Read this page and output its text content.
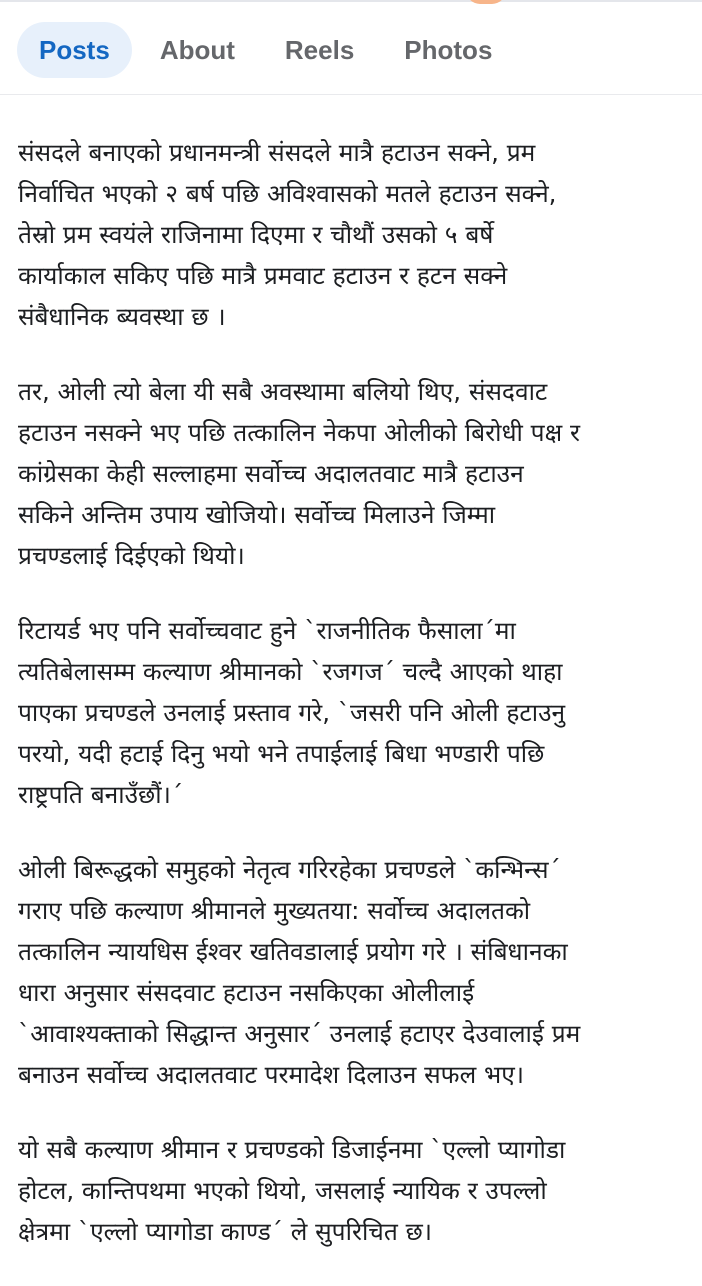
Posts	About	Reels	Photos

संसदले बनाएको प्रधानमन्त्री संसदले मात्रै हटाउन सक्ने, प्रम
निर्वाचित भएको २ बर्ष पछि अविश्वासको मतले हटाउन सक्ने,
तेस्रो प्रम स्वयंले राजिनामा दिएमा र चौथौं उसको ५ बर्षे
कार्याकाल सकिए पछि मात्रै प्रमवाट हटाउन र हटन सक्ने
संबैधानिक ब्यवस्था छ ।

तर, ओली त्यो बेला यी सबै अवस्थामा बलियो थिए, संसदवाट
हटाउन नसक्ने भए पछि तत्कालिन नेकपा ओलीको बिरोधी पक्ष र
कांग्रेसका केही सल्लाहमा सर्वोच्च अदालतवाट मात्रै हटाउन
सकिने अन्तिम उपाय खोजियो। सर्वोच्च मिलाउने जिम्मा
प्रचण्डलाई दिईएको थियो।

रिटायर्ड भए पनि सर्वोच्चवाट हुने `राजनीतिक फैसाला´मा
त्यतिबेलासम्म कल्याण श्रीमानको `रजगज´ चल्दै आएको थाहा
पाएका प्रचण्डले उनलाई प्रस्ताव गरे, `जसरी पनि ओली हटाउनु
परयो, यदी हटाई दिनु भयो भने तपाईलाई बिधा भण्डारी पछि
राष्ट्रपति बनाउँछौं।´

ओली बिरूद्धको समुहको नेतृत्व गरिरहेका प्रचण्डले `कन्भिन्स´
गराए पछि कल्याण श्रीमानले मुख्यतया: सर्वोच्च अदालतको
तत्कालिन न्यायधिस ईश्वर खतिवडालाई प्रयोग गरे । संबिधानका
धारा अनुसार संसदवाट हटाउन नसकिएका ओलीलाई
`आवाश्यक्ताको सिद्धान्त अनुसार´ उनलाई हटाएर देउवालाई प्रम
बनाउन सर्वोच्च अदालतवाट परमादेश दिलाउन सफल भए।

यो सबै कल्याण श्रीमान र प्रचण्डको डिजाईनमा `एल्लो प्यागोडा
होटल, कान्तिपथमा भएको थियो, जसलाई न्यायिक र उपल्लो
क्षेत्रमा `एल्लो प्यागोडा काण्ड´ ले सुपरिचित छ।
